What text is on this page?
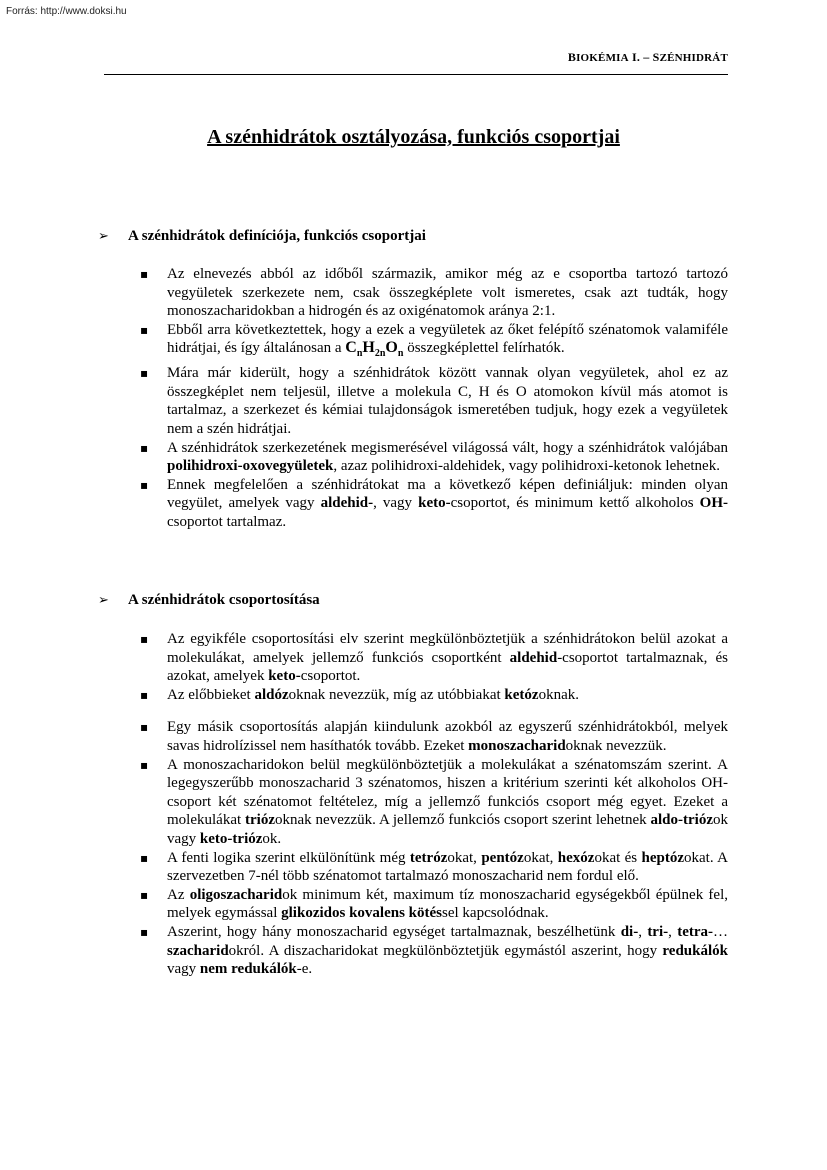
Forrás: http://www.doksi.hu
BIOKÉMIA I. – SZÉNHIDRÁT
A szénhidrátok osztályozása, funkciós csoportjai
➢ A szénhidrátok definíciója, funkciós csoportjai
▪ Az elnevezés abból az időből származik, amikor még az e csoportba tartozó tartozó vegyületek szerkezete nem, csak összegképlete volt ismeretes, csak azt tudták, hogy monoszacharidokban a hidrogén és az oxigénatomok aránya 2:1.
▪ Ebből arra következtettek, hogy a ezek a vegyületek az őket felépítő szénatomok valamiféle hidrátjai, és így általánosan a $C_nH_{2n}O_n$ összegképlettel felírhatók.
▪ Mára már kiderült, hogy a szénhidrátok között vannak olyan vegyületek, ahol ez az összegképlet nem teljesül, illetve a molekula C, H és O atomokon kívül más atomot is tartalmaz, a szerkezet és kémiai tulajdonságok ismeretében tudjuk, hogy ezek a vegyületek nem a szén hidrátjai.
▪ A szénhidrátok szerkezetének megismerésével világossá vált, hogy a szénhidrátok valójában polihidroxi-oxovegyületek, azaz polihidroxi-aldehidek, vagy polihidroxi-ketonok lehetnek.
▪ Ennek megfelelően a szénhidrátokat ma a következő képen definiáljuk: minden olyan vegyület, amelyek vagy aldehid-, vagy keto-csoportot, és minimum kettő alkoholos OH-csoportot tartalmaz.
➢ A szénhidrátok csoportosítása
▪ Az egyikféle csoportosítási elv szerint megkülönböztetjük a szénhidrátokon belül azokat a molekulákat, amelyek jellemző funkciós csoportként aldehid-csoportot tartalmaznak, és azokat, amelyek keto-csoportot.
▪ Az előbbieket aldózoknak nevezzük, míg az utóbbiakat ketózoknak.
▪ Egy másik csoportosítás alapján kiindulunk azokból az egyszerű szénhidrátokból, melyek savas hidrolízissel nem hasíthatók tovább. Ezeket monoszacharidoknak nevezzük.
▪ A monoszacharidokon belül megkülönböztetjük a molekulákat a szénatomszám szerint. A legegyszerűbb monoszacharid 3 szénatomos, hiszen a kritérium szerinti két alkoholos OH-csoport két szénatomot feltételez, míg a jellemző funkciós csoport még egyet. Ezeket a molekulákat triózoknak nevezzük. A jellemző funkciós csoport szerint lehetnek aldo-triózok vagy keto-triózok.
▪ A fenti logika szerint elkülönítünk még tetrózokat, pentózokat, hexózokat és heptózokat. A szervezetben 7-nél több szénatomot tartalmazó monoszacharid nem fordul elő.
▪ Az oligoszacharidok minimum két, maximum tíz monoszacharid egységekből épülnek fel, melyek egymással glikozidos kovalens kötéssel kapcsolódnak.
▪ Aszerint, hogy hány monoszacharid egységet tartalmaznak, beszélhetünk di-, tri-, tetra-… szacharidokról. A diszacharidokat megkülönböztetjük egymástól aszerint, hogy redukálók vagy nem redukálók-e.
